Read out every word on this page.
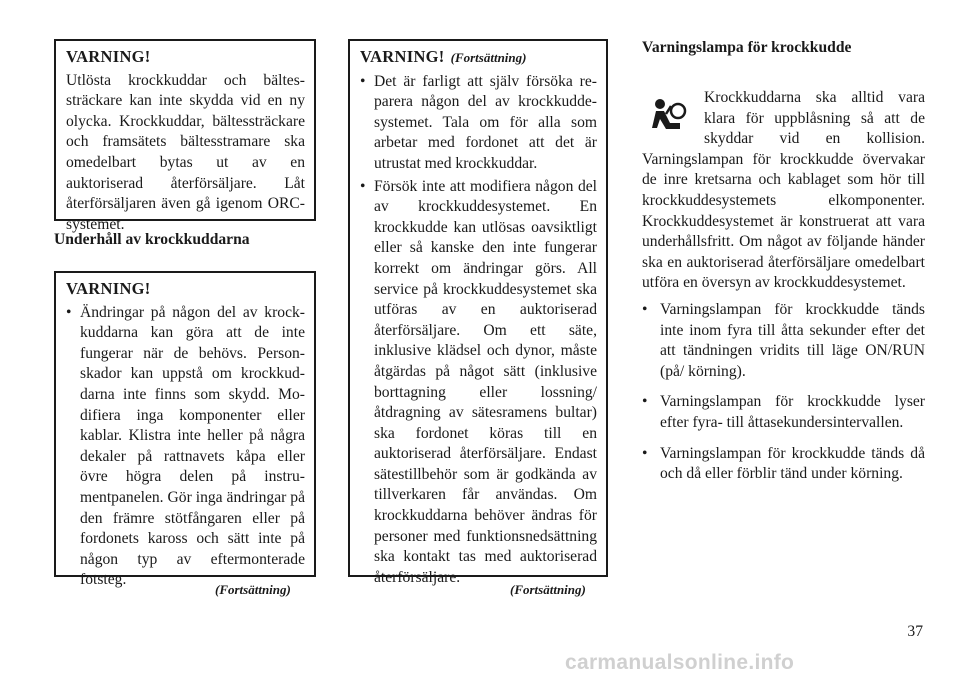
VARNING!
Utlösta krockkuddar och bältessträckare kan inte skydda vid en ny olycka. Krockkuddar, bältessträckare och framsätets bältesstramare ska omedelbart bytas ut av en auktoriserad återförsäljare. Låt återförsäljaren även gå igenom ORC-systemet.
Underhåll av krockkuddarna
VARNING!
• Ändringar på någon del av krockkuddarna kan göra att de inte fungerar när de behövs. Personskador kan uppstå om krockkuddarna inte finns som skydd. Modifiera inga komponenter eller kablar. Klistra inte heller på några dekaler på rattnavets kåpa eller övre högra delen på instrumentpanelen. Gör inga ändringar på den främre stötfångaren eller på fordonets kaross och sätt inte på någon typ av eftermonterade fotsteg.
(Fortsättning)
VARNING! (Fortsättning)
• Det är farligt att själv försöka reparera någon del av krockkuddesystemet. Tala om för alla som arbetar med fordonet att det är utrustat med krockkuddar.
• Försök inte att modifiera någon del av krockkuddesystemet. En krockkudde kan utlösas oavsiktligt eller så kanske den inte fungerar korrekt om ändringar görs. All service på krockkuddesystemet ska utföras av en auktoriserad återförsäljare. Om ett säte, inklusive klädsel och dynor, måste åtgärdas på något sätt (inklusive borttagning eller lossning/åtdragning av sätesramens bultar) ska fordonet köras till en auktoriserad återförsäljare. Endast sätestillbehör som är godkända av tillverkaren får användas. Om krockkuddarna behöver ändras för personer med funktionsnedsättning ska kontakt tas med auktoriserad återförsäljare.
(Fortsättning)
Varningslampa för krockkudde
Krockkuddarna ska alltid vara klara för uppblåsning så att de skyddar vid en kollision. Varningslampan för krockkudde övervakar de inre kretsarna och kablaget som hör till krockkuddesystemets elkomponenter. Krockkuddesystemet är konstruerat att vara underhållsfritt. Om något av följande händer ska en auktoriserad återförsäljare omedelbart utföra en översyn av krockkuddesystemet.
• Varningslampan för krockkudde tänds inte inom fyra till åtta sekunder efter det att tändningen vridits till läge ON/RUN (på/ körning).
• Varningslampan för krockkudde lyser efter fyra- till åttasekundersintervallen.
• Varningslampan för krockkudde tänds då och då eller förblir tänd under körning.
37
carmanualsonline.info
